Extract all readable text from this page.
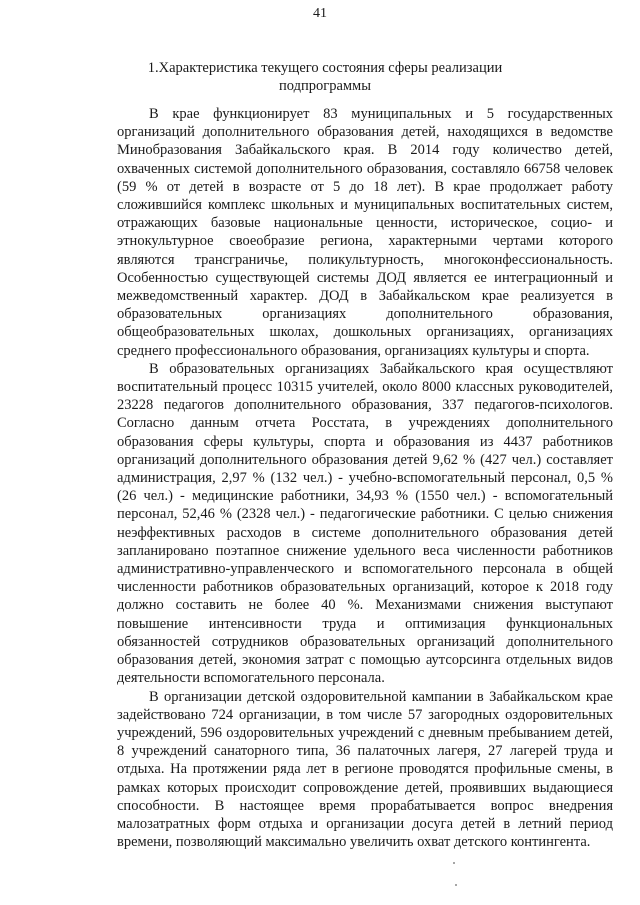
41
1.Характеристика текущего состояния сферы реализации подпрограммы

В крае функционирует 83 муниципальных и 5 государственных организаций дополнительного образования детей, находящихся в ведомстве Минобразования Забайкальского края. В 2014 году количество детей, охваченных системой дополнительного образования, составляло 66758 человек (59 % от детей в возрасте от 5 до 18 лет). В крае продолжает работу сложившийся комплекс школьных и муниципальных воспитательных систем, отражающих базовые национальные ценности, историческое, социо- и этнокультурное своеобразие региона, характерными чертами которого являются трансграничье, поликультурность, многоконфессиональность. Особенностью существующей системы ДОД является ее интеграционный и межведомственный характер. ДОД в Забайкальском крае реализуется в образовательных организациях дополнительного образования, общеобразовательных школах, дошкольных организациях, организациях среднего профессионального образования, организациях культуры и спорта.

В образовательных организациях Забайкальского края осуществляют воспитательный процесс 10315 учителей, около 8000 классных руководителей, 23228 педагогов дополнительного образования, 337 педагогов-психологов. Согласно данным отчета Росстата, в учреждениях дополнительного образования сферы культуры, спорта и образования из 4437 работников организаций дополнительного образования детей 9,62 % (427 чел.) составляет администрация, 2,97 % (132 чел.) - учебно-вспомогательный персонал, 0,5 % (26 чел.) - медицинские работники, 34,93 % (1550 чел.) - вспомогательный персонал, 52,46 % (2328 чел.) - педагогические работники. С целью снижения неэффективных расходов в системе дополнительного образования детей запланировано поэтапное снижение удельного веса численности работников административно-управленческого и вспомогательного персонала в общей численности работников образовательных организаций, которое к 2018 году должно составить не более 40 %. Механизмами снижения выступают повышение интенсивности труда и оптимизация функциональных обязанностей сотрудников образовательных организаций дополнительного образования детей, экономия затрат с помощью аутсорсинга отдельных видов деятельности вспомогательного персонала.

В организации детской оздоровительной кампании в Забайкальском крае задействовано 724 организации, в том числе 57 загородных оздоровительных учреждений, 596 оздоровительных учреждений с дневным пребыванием детей, 8 учреждений санаторного типа, 36 палаточных лагеря, 27 лагерей труда и отдыха. На протяжении ряда лет в регионе проводятся профильные смены, в рамках которых происходит сопровождение детей, проявивших выдающиеся способности. В настоящее время прорабатывается вопрос внедрения малозатратных форм отдыха и организации досуга детей в летний период времени, позволяющий максимально увеличить охват детского контингента.
